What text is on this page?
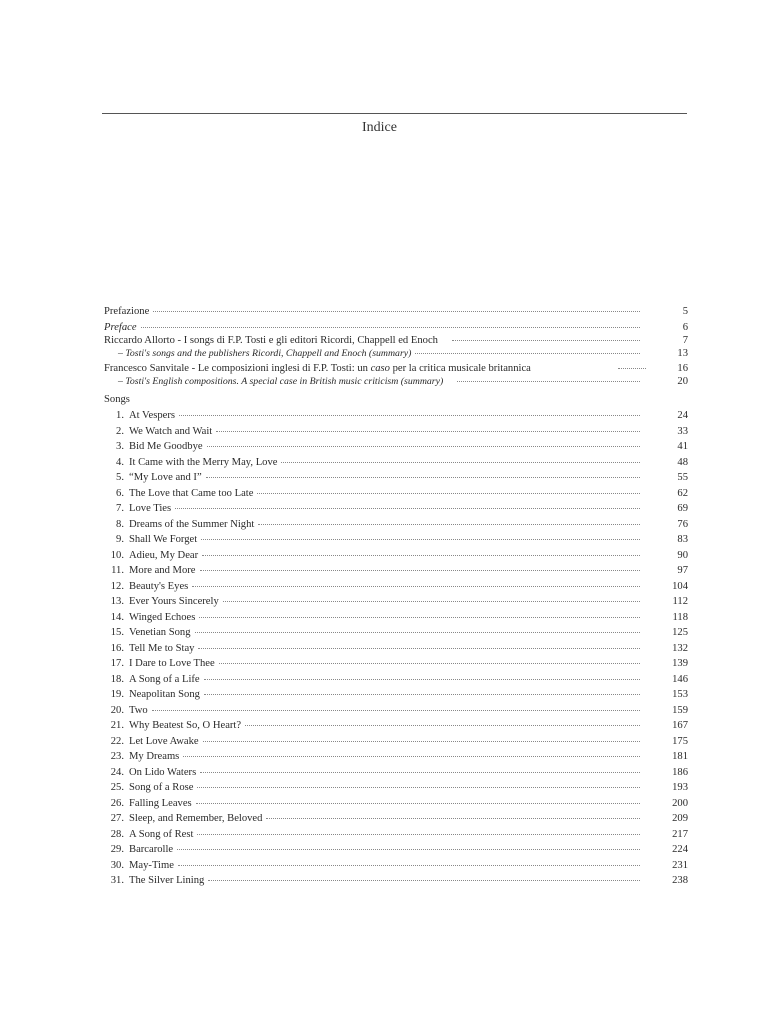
Indice
Prefazione	5
Preface	6
Riccardo Allorto - I songs di F.P. Tosti e gli editori Ricordi, Chappell ed Enoch	7
– Tosti's songs and the publishers Ricordi, Chappell and Enoch (summary)	13
Francesco Sanvitale - Le composizioni inglesi di F.P. Tosti: un caso per la critica musicale britannica	16
– Tosti's English compositions. A special case in British music criticism (summary)	20
Songs
1. At Vespers	24
2. We Watch and Wait	33
3. Bid Me Goodbye	41
4. It Came with the Merry May, Love	48
5. “My Love and I”	55
6. The Love that Came too Late	62
7. Love Ties	69
8. Dreams of the Summer Night	76
9. Shall We Forget	83
10. Adieu, My Dear	90
11. More and More	97
12. Beauty's Eyes	104
13. Ever Yours Sincerely	112
14. Winged Echoes	118
15. Venetian Song	125
16. Tell Me to Stay	132
17. I Dare to Love Thee	139
18. A Song of a Life	146
19. Neapolitan Song	153
20. Two	159
21. Why Beatest So, O Heart?	167
22. Let Love Awake	175
23. My Dreams	181
24. On Lido Waters	186
25. Song of a Rose	193
26. Falling Leaves	200
27. Sleep, and Remember, Beloved	209
28. A Song of Rest	217
29. Barcarolle	224
30. May-Time	231
31. The Silver Lining	238
